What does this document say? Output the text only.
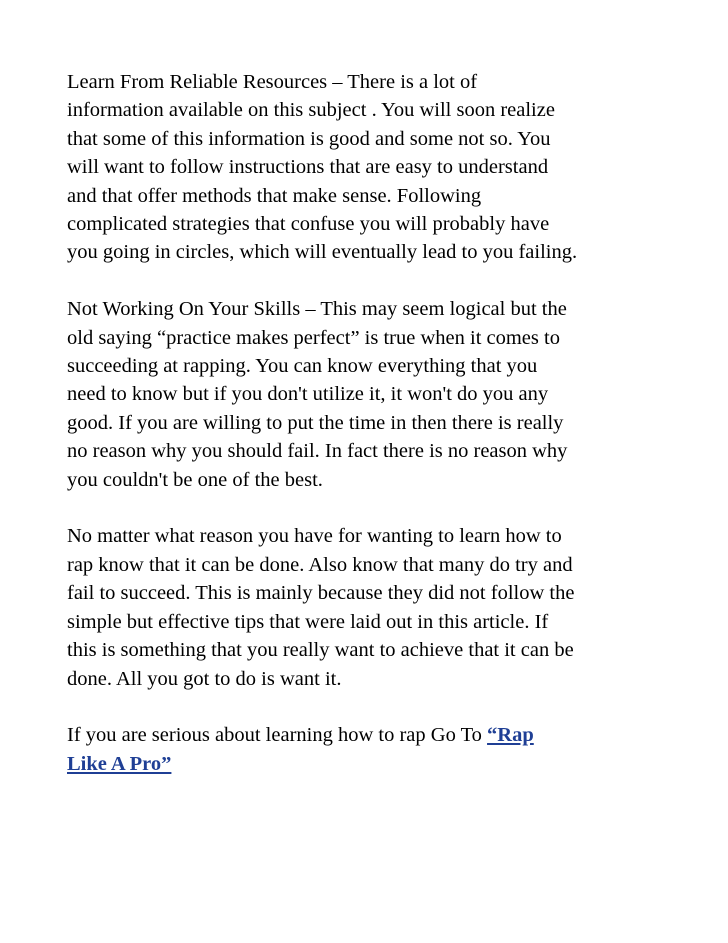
Learn From Reliable Resources – There is a lot of
information available on this subject . You will soon realize
that some of this information is good and some not so. You
will want to follow instructions that are easy to understand
and that offer methods that make sense. Following
complicated strategies that confuse you will probably have
you going in circles, which will eventually lead to you failing.

Not Working On Your Skills – This may seem logical but the
old saying “practice makes perfect” is true when it comes to
succeeding at rapping. You can know everything that you
need to know but if you don't utilize it, it won't do you any
good. If you are willing to put the time in then there is really
no reason why you should fail. In fact there is no reason why
you couldn't be one of the best.

No matter what reason you have for wanting to learn how to
rap know that it can be done. Also know that many do try and
fail to succeed. This is mainly because they did not follow the
simple but effective tips that were laid out in this article. If
this is something that you really want to achieve that it can be
done. All you got to do is want it.

If you are serious about learning how to rap Go To “Rap
Like A Pro”
